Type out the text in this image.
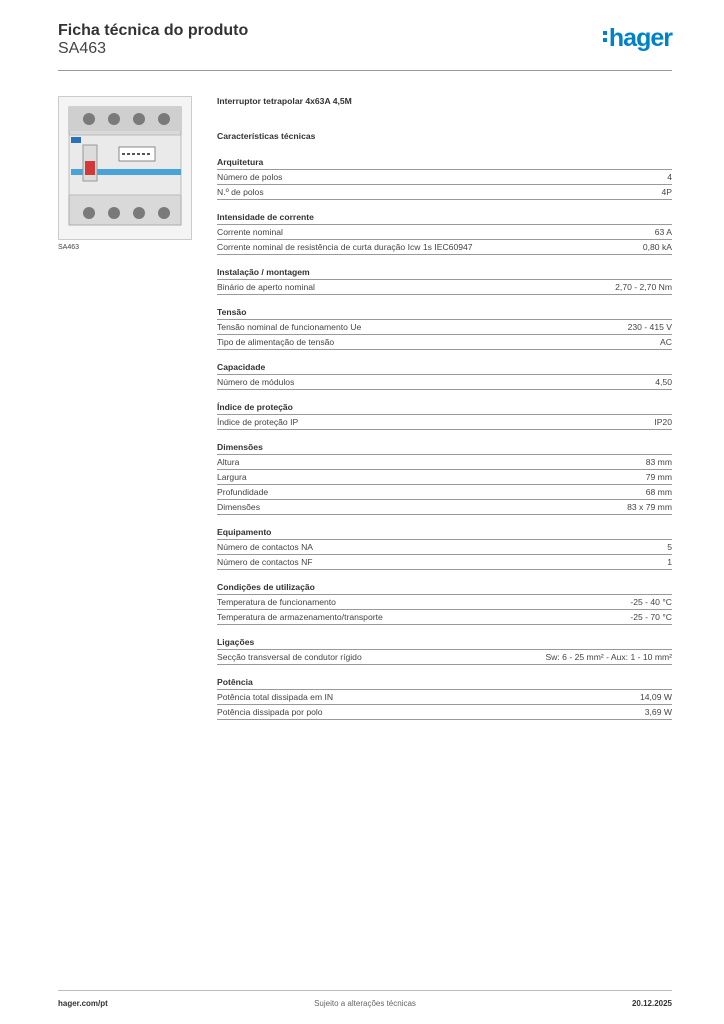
Ficha técnica do produto
SA463	hager
SA463
Interruptor tetrapolar 4x63A 4,5M
Características técnicas
Arquitetura
Número de polos	4
N.º de polos	4P
Intensidade de corrente
Corrente nominal	63 A
Corrente nominal de resistência de curta duração Icw 1s IEC60947	0,80 kA
Instalação / montagem
Binário de aperto nominal	2,70 - 2,70 Nm
Tensão
Tensão nominal de funcionamento Ue	230 - 415 V
Tipo de alimentação de tensão	AC
Capacidade
Número de módulos	4,50
Índice de proteção
Índice de proteção IP	IP20
Dimensões
Altura	83 mm
Largura	79 mm
Profundidade	68 mm
Dimensões	83 x 79 mm
Equipamento
Número de contactos NA	5
Número de contactos NF	1
Condições de utilização
Temperatura de funcionamento	-25 - 40 °C
Temperatura de armazenamento/transporte	-25 - 70 °C
Ligações
Secção transversal de condutor rígido	Sw: 6 - 25 mm² - Aux: 1 - 10 mm²
Potência
Potência total dissipada em IN	14,09 W
Potência dissipada por polo	3,69 W
hager.com/pt	Sujeito a alterações técnicas	20.12.2025
